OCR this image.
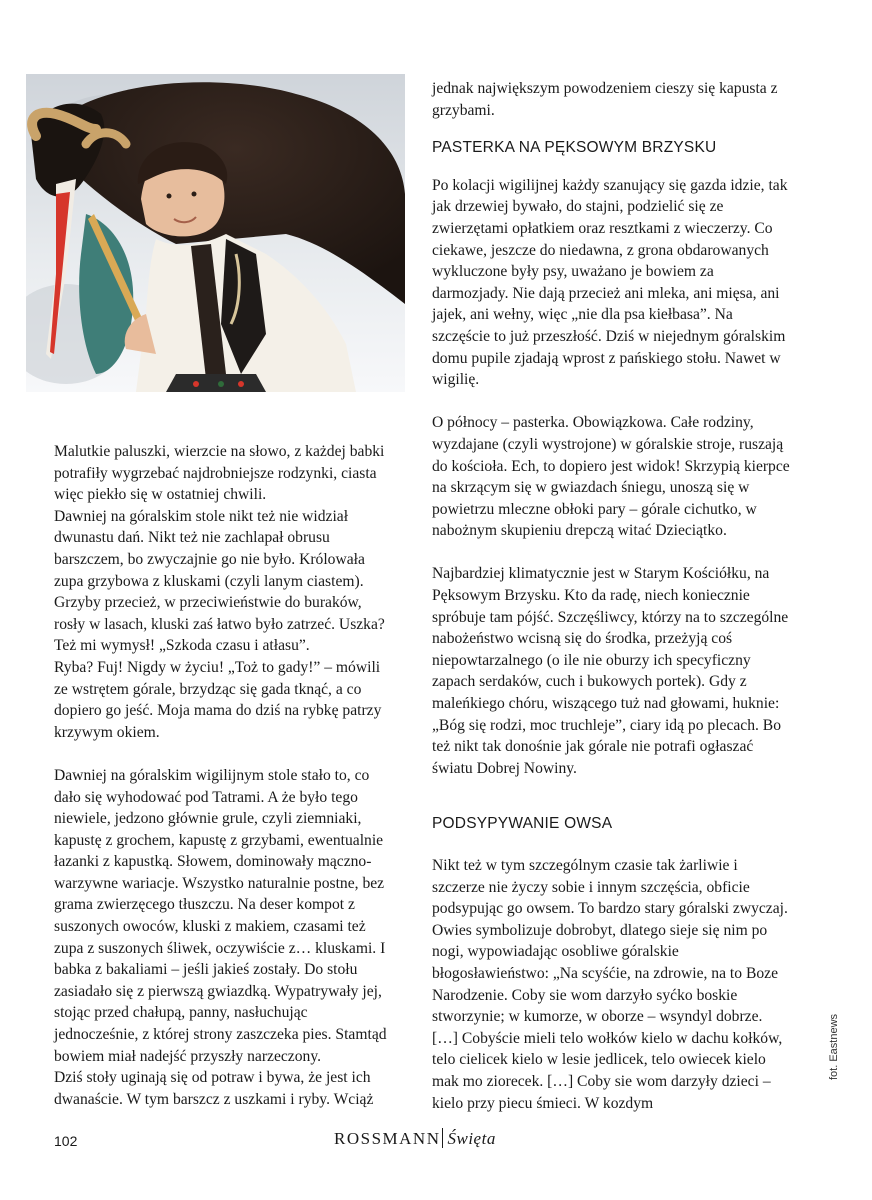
Malutkie paluszki, wierzcie na słowo, z każdej babki potrafiły wygrzebać najdrobniejsze rodzynki, ciasta więc piekło się w ostatniej chwili.
Dawniej na góralskim stole nikt też nie widział dwunastu dań. Nikt też nie zachlapał obrusu barszczem, bo zwyczajnie go nie było. Królowała zupa grzybowa z kluskami (czyli lanym ciastem). Grzyby przecież, w przeciwieństwie do buraków, rosły w lasach, kluski zaś łatwo było zatrzeć. Uszka? Też mi wymysł! „Szkoda czasu i atłasu”.
Ryba? Fuj! Nigdy w życiu! „Toż to gady!” – mówili ze wstrętem górale, brzydząc się gada tknąć, a co dopiero go jeść. Moja mama do dziś na rybkę patrzy krzywym okiem.

Dawniej na góralskim wigilijnym stole stało to, co dało się wyhodować pod Tatrami. A że było tego niewiele, jedzono głównie grule, czyli ziemniaki, kapustę z grochem, kapustę z grzybami, ewentualnie łazanki z kapustką. Słowem, dominowały mączno-warzywne wariacje. Wszystko naturalnie postne, bez grama zwierzęcego tłuszczu. Na deser kompot z suszonych owoców, kluski z makiem, czasami też zupa z suszonych śliwek, oczywiście z… kluskami. I babka z bakaliami – jeśli jakieś zostały. Do stołu zasiadało się z pierwszą gwiazdką. Wypatrywały jej, stojąc przed chałupą, panny, nasłuchując jednocześnie, z której strony zaszczeka pies. Stamtąd bowiem miał nadejść przyszły narzeczony.
Dziś stoły uginają się od potraw i bywa, że jest ich dwanaście. W tym barszcz z uszkami i ryby. Wciąż

jednak największym powodzeniem cieszy się kapusta z grzybami.

PASTERKA NA PĘKSOWYM BRZYSKU

Po kolacji wigilijnej każdy szanujący się gazda idzie, tak jak drzewiej bywało, do stajni, podzielić się ze zwierzętami opłatkiem oraz resztkami z wieczerzy. Co ciekawe, jeszcze do niedawna, z grona obdarowanych wykluczone były psy, uważano je bowiem za darmozjady. Nie dają przecież ani mleka, ani mięsa, ani jajek, ani wełny, więc „nie dla psa kiełbasa”. Na szczęście to już przeszłość. Dziś w niejednym góralskim domu pupile zjadają wprost z pańskiego stołu. Nawet w wigilię.

O północy – pasterka. Obowiązkowa. Całe rodziny, wyzdajane (czyli wystrojone) w góralskie stroje, ruszają do kościoła. Ech, to dopiero jest widok! Skrzypią kierpce na skrzącym się w gwiazdach śniegu, unoszą się w powietrzu mleczne obłoki pary – górale cichutko, w nabożnym skupieniu drepczą witać Dzieciątko.

Najbardziej klimatycznie jest w Starym Kościółku, na Pęksowym Brzysku. Kto da radę, niech koniecznie spróbuje tam pójść. Szczęśliwcy, którzy na to szczególne nabożeństwo wcisną się do środka, przeżyją coś niepowtarzalnego (o ile nie oburzy ich specyficzny zapach serdaków, cuch i bukowych portek). Gdy z maleńkiego chóru, wiszącego tuż nad głowami, huknie: „Bóg się rodzi, moc truchleje”, ciary idą po plecach. Bo też nikt tak donośnie jak górale nie potrafi ogłaszać światu Dobrej Nowiny.

PODSYPYWANIE OWSA

Nikt też w tym szczególnym czasie tak żarliwie i szczerze nie życzy sobie i innym szczęścia, obficie podsypując go owsem. To bardzo stary góralski zwyczaj. Owies symbolizuje dobrobyt, dlatego sieje się nim po nogi, wypowiadając osobliwe góralskie błogosławieństwo: „Na scyśćie, na zdrowie, na to Boze Narodzenie. Coby sie wom darzyło syćko boskie stworzynie; w kumorze, w oborze – wsyndyl dobrze. […] Cobyście mieli telo wołków kielo w dachu kołków, telo cielicek kielo w lesie jedlicek, telo owiecek kielo mak mo ziorecek. […] Coby sie wom darzyły dzieci – kielo przy piecu śmieci. W kozdym

102	ROSSMANN Święta
fot. Eastnews
